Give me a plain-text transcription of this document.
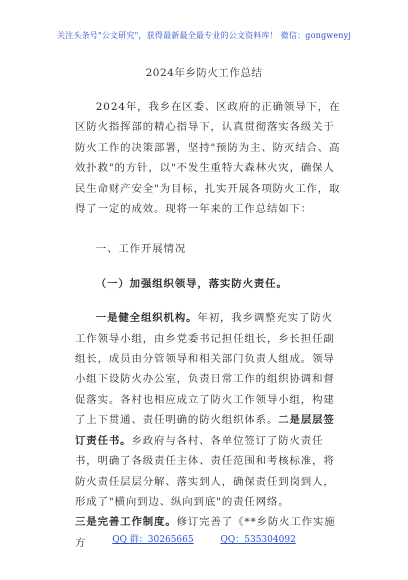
关注头条号"公文研究"，获得最新最全最专业的公文资料库！ 微信：gongwenyj
2024年乡防火工作总结

2024年，我乡在区委、区政府的正确领导下，在区防火指挥部的精心指导下，认真贯彻落实各级关于防火工作的决策部署，坚持"预防为主、防灭结合、高效扑救"的方针，以"不发生重特大森林火灾，确保人民生命财产安全"为目标，扎实开展各项防火工作，取得了一定的成效。现将一年来的工作总结如下：

一、工作开展情况

（一）加强组织领导，落实防火责任。

一是健全组织机构。年初，我乡调整充实了防火工作领导小组，由乡党委书记担任组长，乡长担任副组长，成员由分管领导和相关部门负责人组成。领导小组下设防火办公室，负责日常工作的组织协调和督促落实。各村也相应成立了防火工作领导小组，构建了上下贯通、责任明确的防火组织体系。二是层层签订责任书。乡政府与各村、各单位签订了防火责任书，明确了各级责任主体、责任范围和考核标准，将防火责任层层分解、落实到人，确保责任到岗到人，形成了"横向到边、纵向到底"的责任网络。

三是完善工作制度。修订完善了《**乡防火工作实施方	QQ 群：30265665	QQ：535304092
